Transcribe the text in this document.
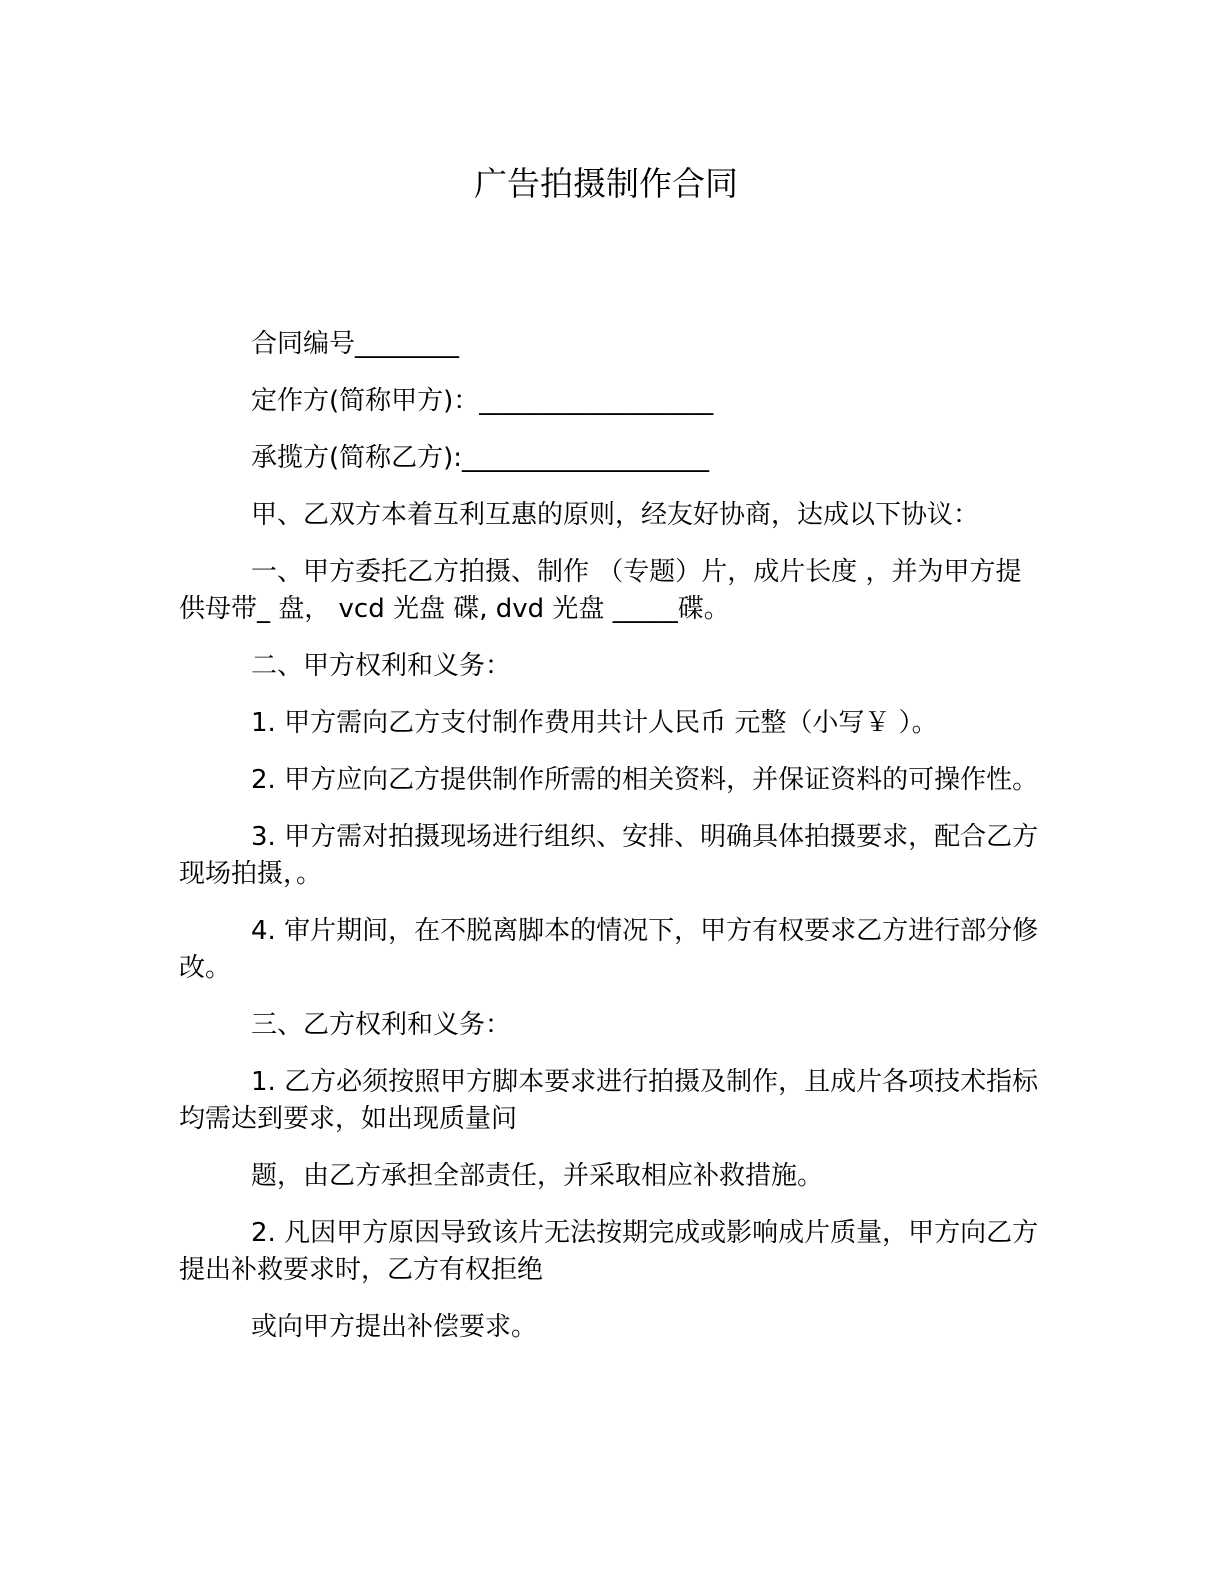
广告拍摄制作合同

合同编号________

定作方(简称甲方)：__________________

承揽方(简称乙方):___________________

甲、乙双方本着互利互惠的原则，经友好协商，达成以下协议：

一、甲方委托乙方拍摄、制作 （专题）片，成片长度 ，并为甲方提供母带_ 盘， vcd 光盘 碟, dvd 光盘 _____碟。

二、甲方权利和义务：

1. 甲方需向乙方支付制作费用共计人民币 元整（小写￥ ）。

2. 甲方应向乙方提供制作所需的相关资料，并保证资料的可操作性。

3. 甲方需对拍摄现场进行组织、安排、明确具体拍摄要求，配合乙方现场拍摄，。

4. 审片期间，在不脱离脚本的情况下，甲方有权要求乙方进行部分修改。

三、乙方权利和义务：

1. 乙方必须按照甲方脚本要求进行拍摄及制作，且成片各项技术指标均需达到要求，如出现质量问

题，由乙方承担全部责任，并采取相应补救措施。

2. 凡因甲方原因导致该片无法按期完成或影响成片质量，甲方向乙方提出补救要求时，乙方有权拒绝

或向甲方提出补偿要求。
